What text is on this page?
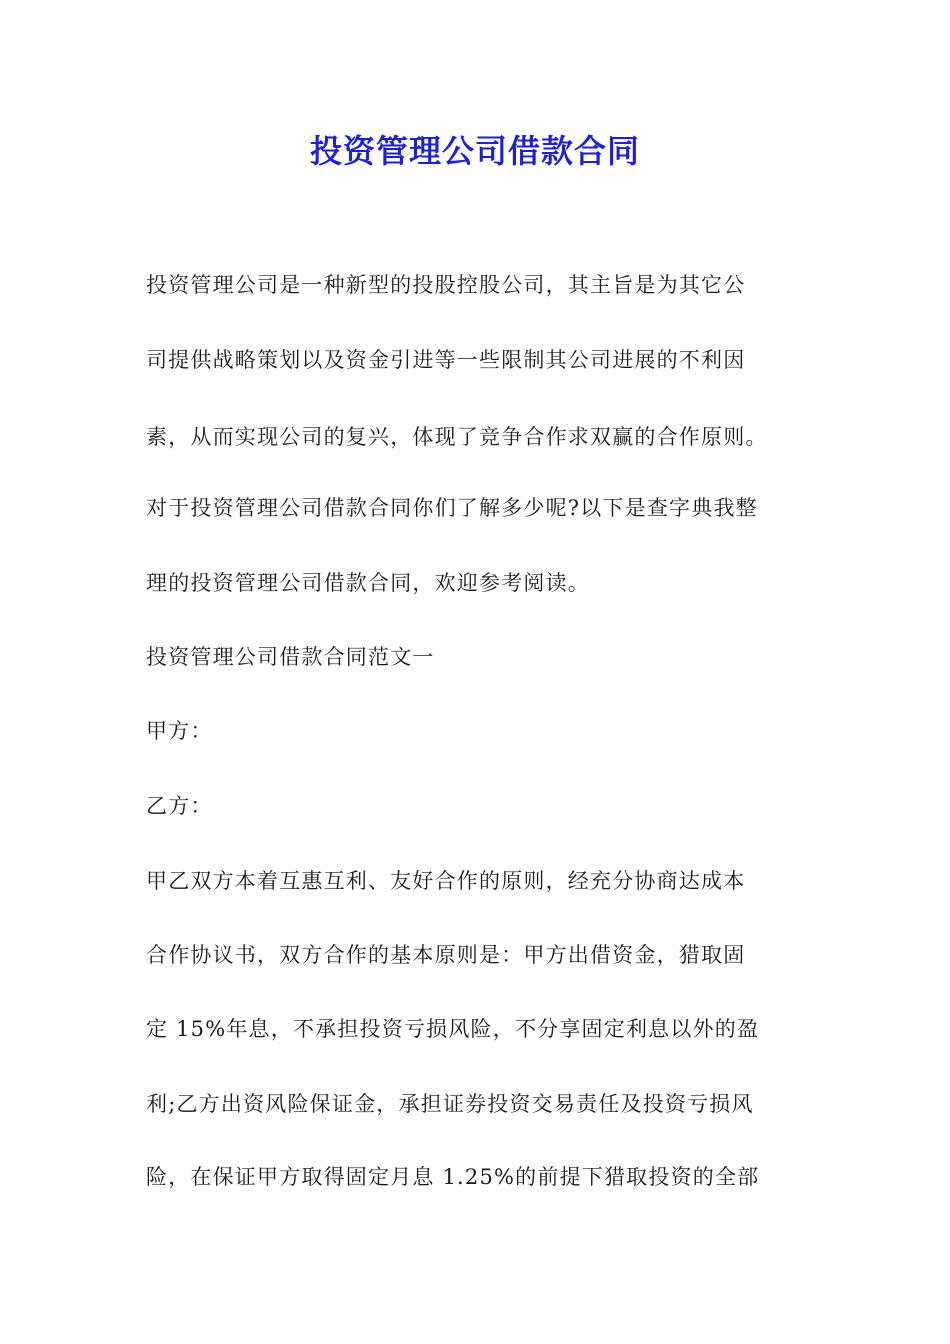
投资管理公司借款合同
投资管理公司是一种新型的投股控股公司，其主旨是为其它公
司提供战略策划以及资金引进等一些限制其公司进展的不利因
素，从而实现公司的复兴，体现了竞争合作求双赢的合作原则。
对于投资管理公司借款合同你们了解多少呢?以下是查字典我整
理的投资管理公司借款合同，欢迎参考阅读。
投资管理公司借款合同范文一
甲方：
乙方：
甲乙双方本着互惠互利、友好合作的原则，经充分协商达成本
合作协议书，双方合作的基本原则是：甲方出借资金，猎取固
定 15%年息，不承担投资亏损风险，不分享固定利息以外的盈
利;乙方出资风险保证金，承担证券投资交易责任及投资亏损风
险，在保证甲方取得固定月息 1.25%的前提下猎取投资的全部
